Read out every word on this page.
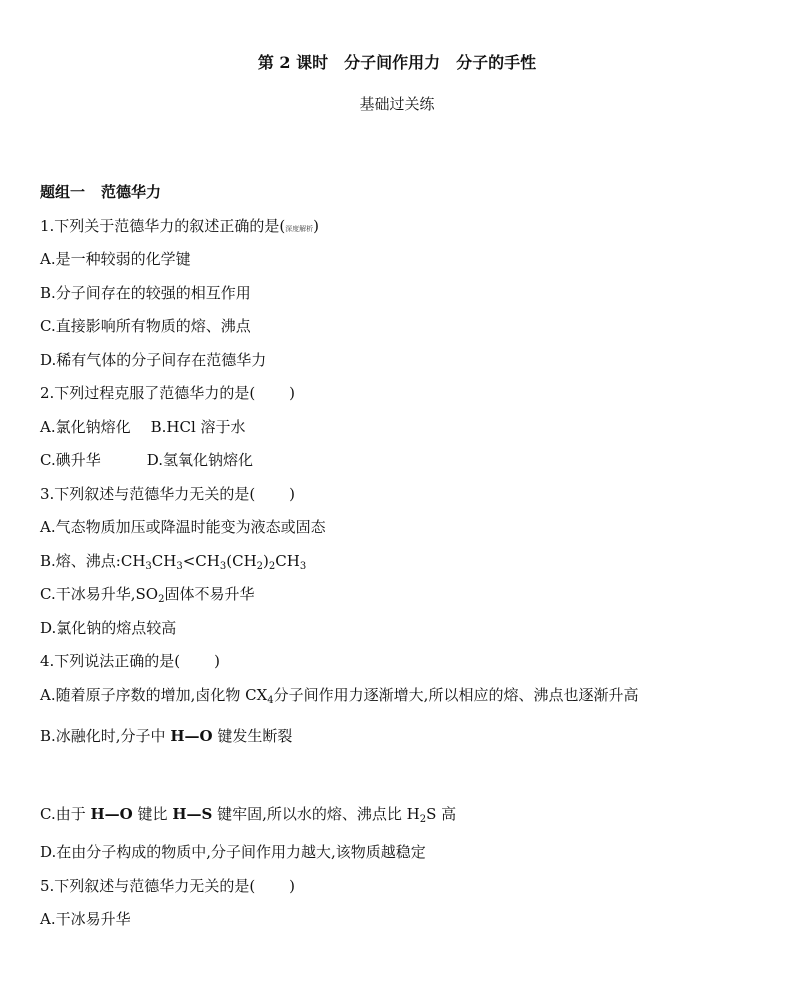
第 2 课时 分子间作用力 分子的手性
基础过关练
题组一 范德华力
1.下列关于范德华力的叙述正确的是(深度解析)
A.是一种较弱的化学键
B.分子间存在的较强的相互作用
C.直接影响所有物质的熔、沸点
D.稀有气体的分子间存在范德华力
2.下列过程克服了范德华力的是( )
A.氯化钠熔化 B.HCl 溶于水
C.碘升华	D.氢氧化钠熔化
3.下列叙述与范德华力无关的是( )
A.气态物质加压或降温时能变为液态或固态
B.熔、沸点$:CH_3CH_3<CH_3(CH_2)_2CH_3$
C.干冰易升华$,SO_2$固体不易升华
D.氯化钠的熔点较高
4.下列说法正确的是( )
A.随着原子序数的增加,卤化物 $CX_4$分子间作用力逐渐增大,所以相应的熔、沸点也逐渐升高
B.冰融化时,分子中 H—O 键发生断裂
C.由于 H—O 键比 H—S 键牢固,所以水的熔、沸点比 $H_2S$ 高
D.在由分子构成的物质中,分子间作用力越大,该物质越稳定
5.下列叙述与范德华力无关的是( )
A.干冰易升华
